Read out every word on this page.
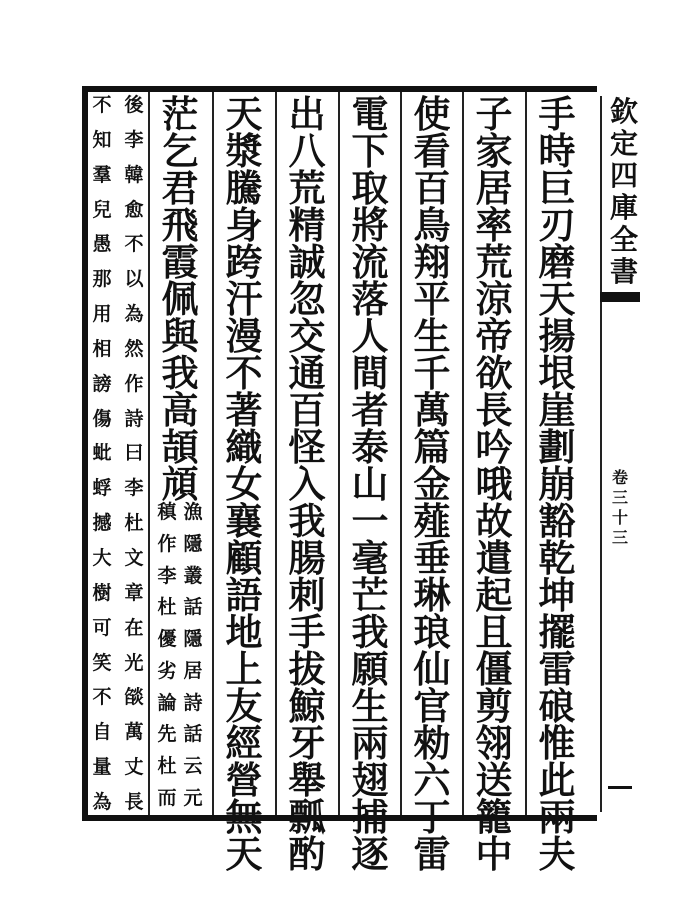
手
時
巨
刃
磨
天
揚
垠
崖
劃
崩
豁
乾
坤
擺
雷
硠
惟
此
兩
夫
子
家
居
率
荒
涼
帝
欲
長
吟
哦
故
遣
起
且
僵
剪
翎
送
籠
中
使
看
百
鳥
翔
平
生
千
萬
篇
金
薤
垂
琳
琅
仙
官
勑
六
丁
雷
電
下
取
將
流
落
人
間
者
泰
山
一
毫
芒
我
願
生
兩
翅
捕
逐
出
八
荒
精
誠
忽
交
通
百
怪
入
我
腸
刺
手
拔
鯨
牙
舉
瓢
酌
天
漿
騰
身
跨
汗
漫
不
著
織
女
襄
顧
語
地
上
友
經
營
無
天
茫
乞
君
飛
霞
佩
與
我
高
頡
頏
稹
作
李
杜
優
劣
論
先
杜
而
漁
隱
叢
話
隱
居
詩
話
云
元
不
知
羣
兒
愚
那
用
相
謗
傷
蚍
蜉
撼
大
樹
可
笑
不
自
量
為
後
李
韓
愈
不
以
為
然
作
詩
曰
李
杜
文
章
在
光
燄
萬
丈
長
欽
定
四
庫
全
書
卷
三
十
三
